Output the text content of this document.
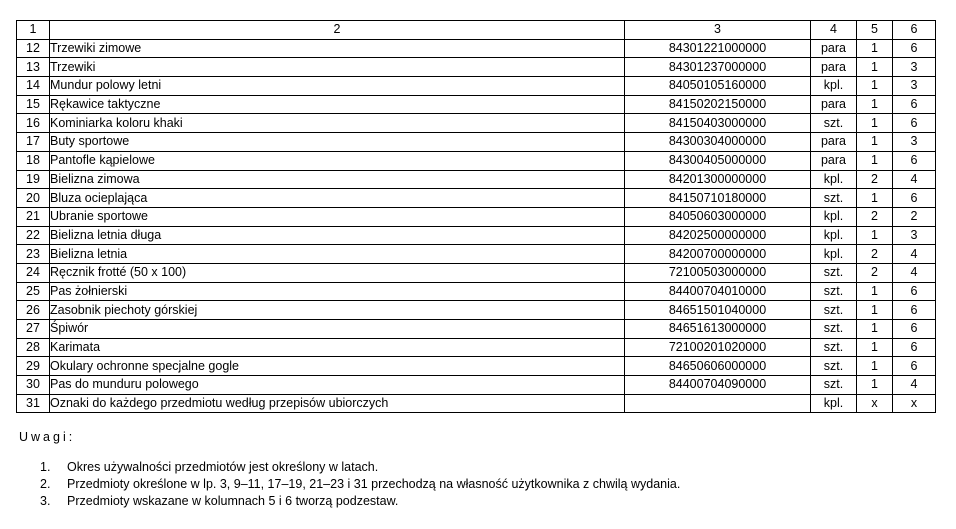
1	2	3	4	5	6
12	Trzewiki zimowe	84301221000000	para	1	6
13	Trzewiki	84301237000000	para	1	3
14	Mundur polowy letni	84050105160000	kpl.	1	3
15	Rękawice taktyczne	84150202150000	para	1	6
16	Kominiarka koloru khaki	84150403000000	szt.	1	6
17	Buty sportowe	84300304000000	para	1	3
18	Pantofle kąpielowe	84300405000000	para	1	6
19	Bielizna zimowa	84201300000000	kpl.	2	4
20	Bluza ocieplająca	84150710180000	szt.	1	6
21	Ubranie sportowe	84050603000000	kpl.	2	2
22	Bielizna letnia długa	84202500000000	kpl.	1	3
23	Bielizna letnia	84200700000000	kpl.	2	4
24	Ręcznik frotté (50 x 100)	72100503000000	szt.	2	4
25	Pas żołnierski	84400704010000	szt.	1	6
26	Zasobnik piechoty górskiej	84651501040000	szt.	1	6
27	Śpiwór	84651613000000	szt.	1	6
28	Karimata	72100201020000	szt.	1	6
29	Okulary ochronne specjalne gogle	84650606000000	szt.	1	6
30	Pas do munduru polowego	84400704090000	szt.	1	4
31	Oznaki do każdego przedmiotu według przepisów ubiorczych		kpl.	x	x
Uwagi:
1. Okres używalności przedmiotów jest określony w latach.
2. Przedmioty określone w lp. 3, 9–11, 17–19, 21–23 i 31 przechodzą na własność użytkownika z chwilą wydania.
3. Przedmioty wskazane w kolumnach 5 i 6 tworzą podzestaw.
